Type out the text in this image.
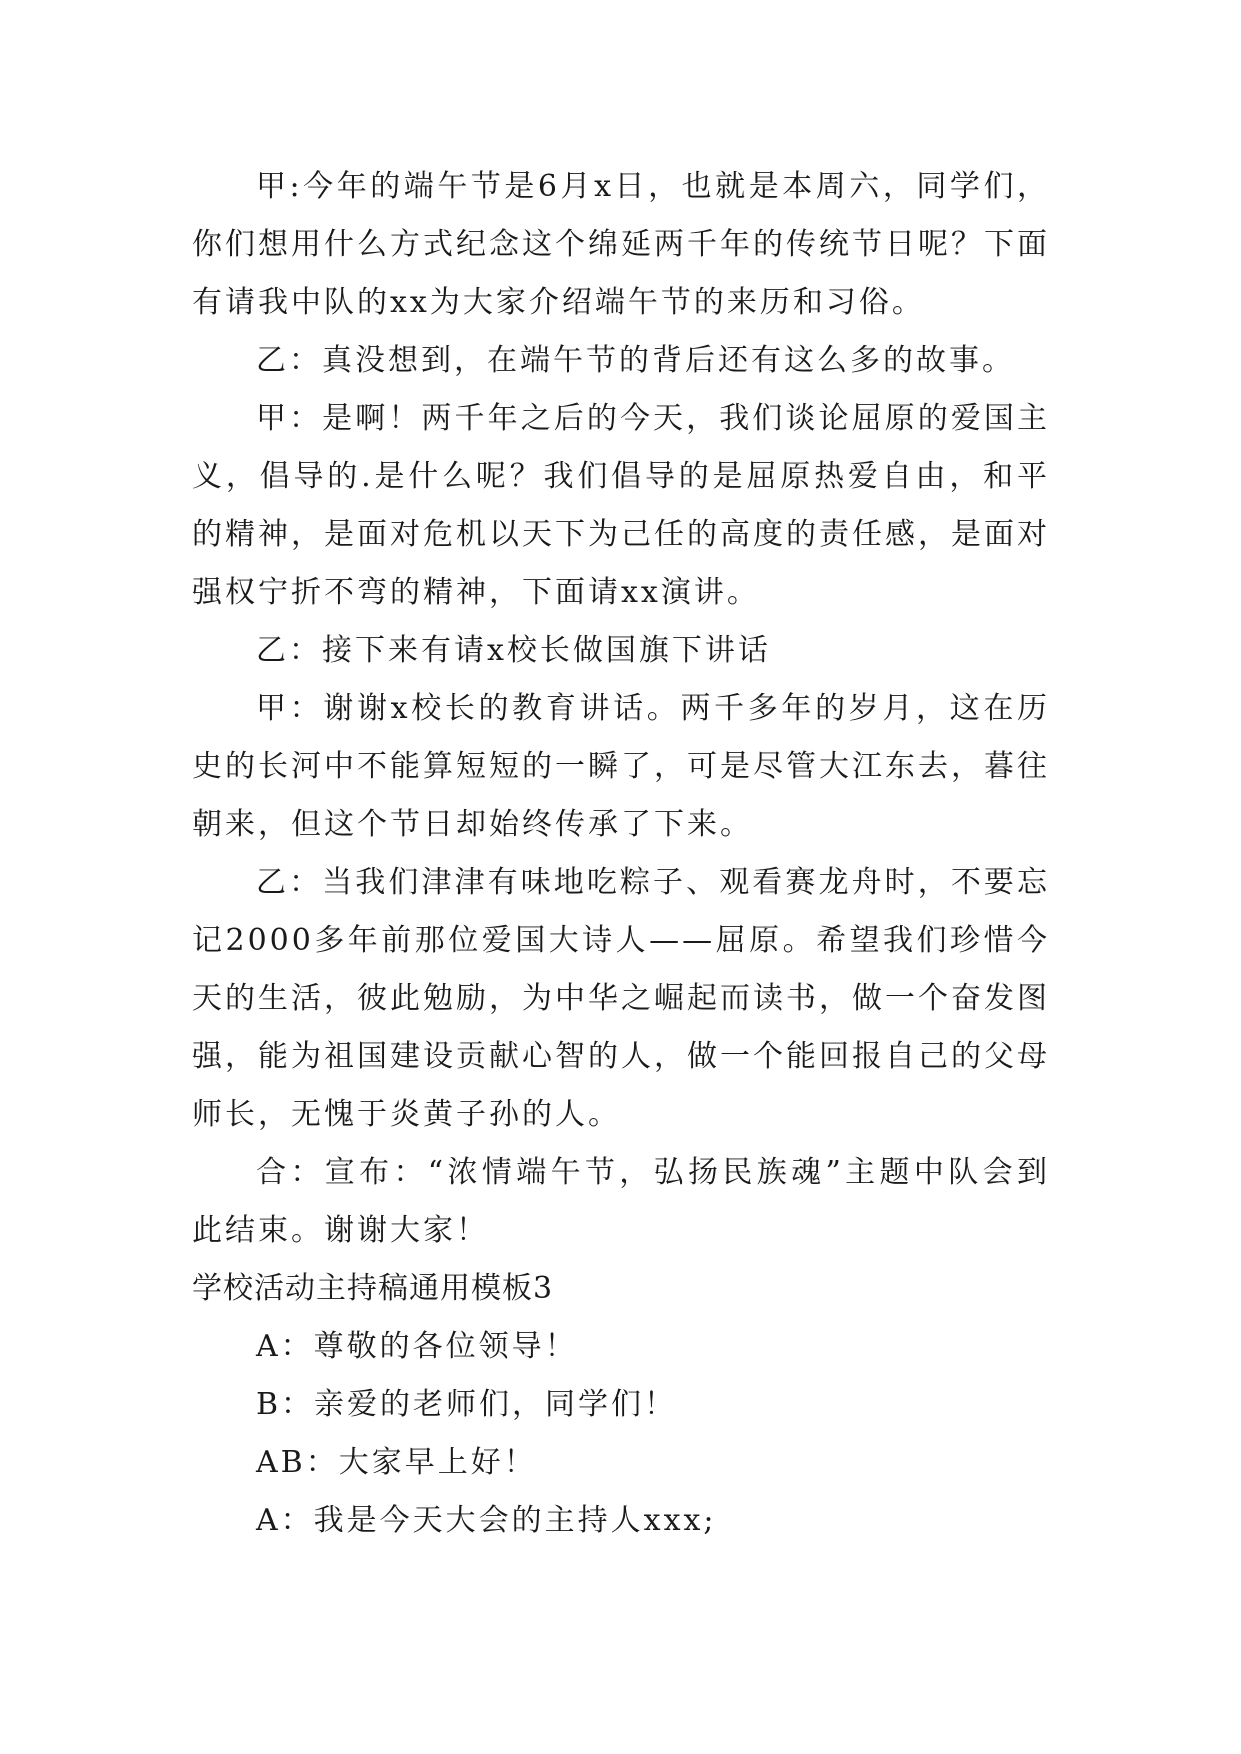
甲:今年的端午节是6月x日，也就是本周六，同学们，你们想用什么方式纪念这个绵延两千年的传统节日呢？下面有请我中队的xx为大家介绍端午节的来历和习俗。

乙：真没想到，在端午节的背后还有这么多的故事。

甲：是啊！两千年之后的今天，我们谈论屈原的爱国主义，倡导的.是什么呢？我们倡导的是屈原热爱自由，和平的精神，是面对危机以天下为己任的高度的责任感，是面对强权宁折不弯的精神，下面请xx演讲。

乙：接下来有请x校长做国旗下讲话

甲：谢谢x校长的教育讲话。两千多年的岁月，这在历史的长河中不能算短短的一瞬了，可是尽管大江东去，暮往朝来，但这个节日却始终传承了下来。

乙：当我们津津有味地吃粽子、观看赛龙舟时，不要忘记2000多年前那位爱国大诗人——屈原。希望我们珍惜今天的生活，彼此勉励，为中华之崛起而读书，做一个奋发图强，能为祖国建设贡献心智的人，做一个能回报自己的父母师长，无愧于炎黄子孙的人。

合：宣布：“浓情端午节，弘扬民族魂”主题中队会到此结束。谢谢大家！

学校活动主持稿通用模板3

A：尊敬的各位领导！

B：亲爱的老师们，同学们！

AB：大家早上好！

A：我是今天大会的主持人xxx;
